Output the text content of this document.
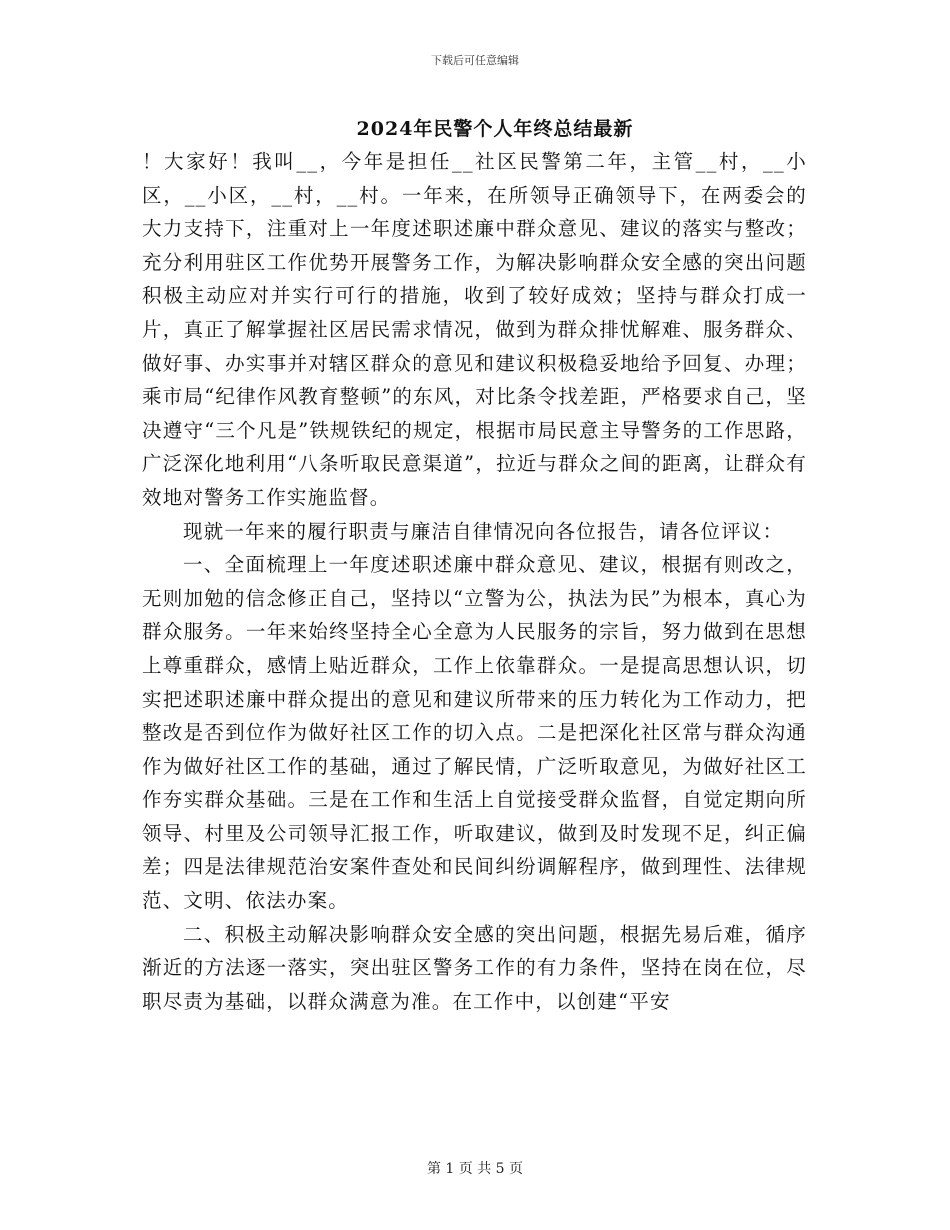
下载后可任意编辑
2024年民警个人年终总结最新

！大家好！我叫__，今年是担任__社区民警第二年，主管__村，__小区，__小区，__村，__村。一年来，在所领导正确领导下，在两委会的大力支持下，注重对上一年度述职述廉中群众意见、建议的落实与整改；充分利用驻区工作优势开展警务工作，为解决影响群众安全感的突出问题积极主动应对并实行可行的措施，收到了较好成效；坚持与群众打成一片，真正了解掌握社区居民需求情况，做到为群众排忧解难、服务群众、做好事、办实事并对辖区群众的意见和建议积极稳妥地给予回复、办理；乘市局“纪律作风教育整顿”的东风，对比条令找差距，严格要求自己，坚决遵守“三个凡是”铁规铁纪的规定，根据市局民意主导警务的工作思路，广泛深化地利用“八条听取民意渠道”，拉近与群众之间的距离，让群众有效地对警务工作实施监督。

现就一年来的履行职责与廉洁自律情况向各位报告，请各位评议：

一、全面梳理上一年度述职述廉中群众意见、建议，根据有则改之，无则加勉的信念修正自己，坚持以“立警为公，执法为民”为根本，真心为群众服务。一年来始终坚持全心全意为人民服务的宗旨，努力做到在思想上尊重群众，感情上贴近群众，工作上依靠群众。一是提高思想认识，切实把述职述廉中群众提出的意见和建议所带来的压力转化为工作动力，把整改是否到位作为做好社区工作的切入点。二是把深化社区常与群众沟通作为做好社区工作的基础，通过了解民情，广泛听取意见，为做好社区工作夯实群众基础。三是在工作和生活上自觉接受群众监督，自觉定期向所领导、村里及公司领导汇报工作，听取建议，做到及时发现不足，纠正偏差；四是法律规范治安案件查处和民间纠纷调解程序，做到理性、法律规范、文明、依法办案。

二、积极主动解决影响群众安全感的突出问题，根据先易后难，循序渐近的方法逐一落实，突出驻区警务工作的有力条件，坚持在岗在位，尽职尽责为基础，以群众满意为准。在工作中，以创建“平安

第 1 页 共 5 页
